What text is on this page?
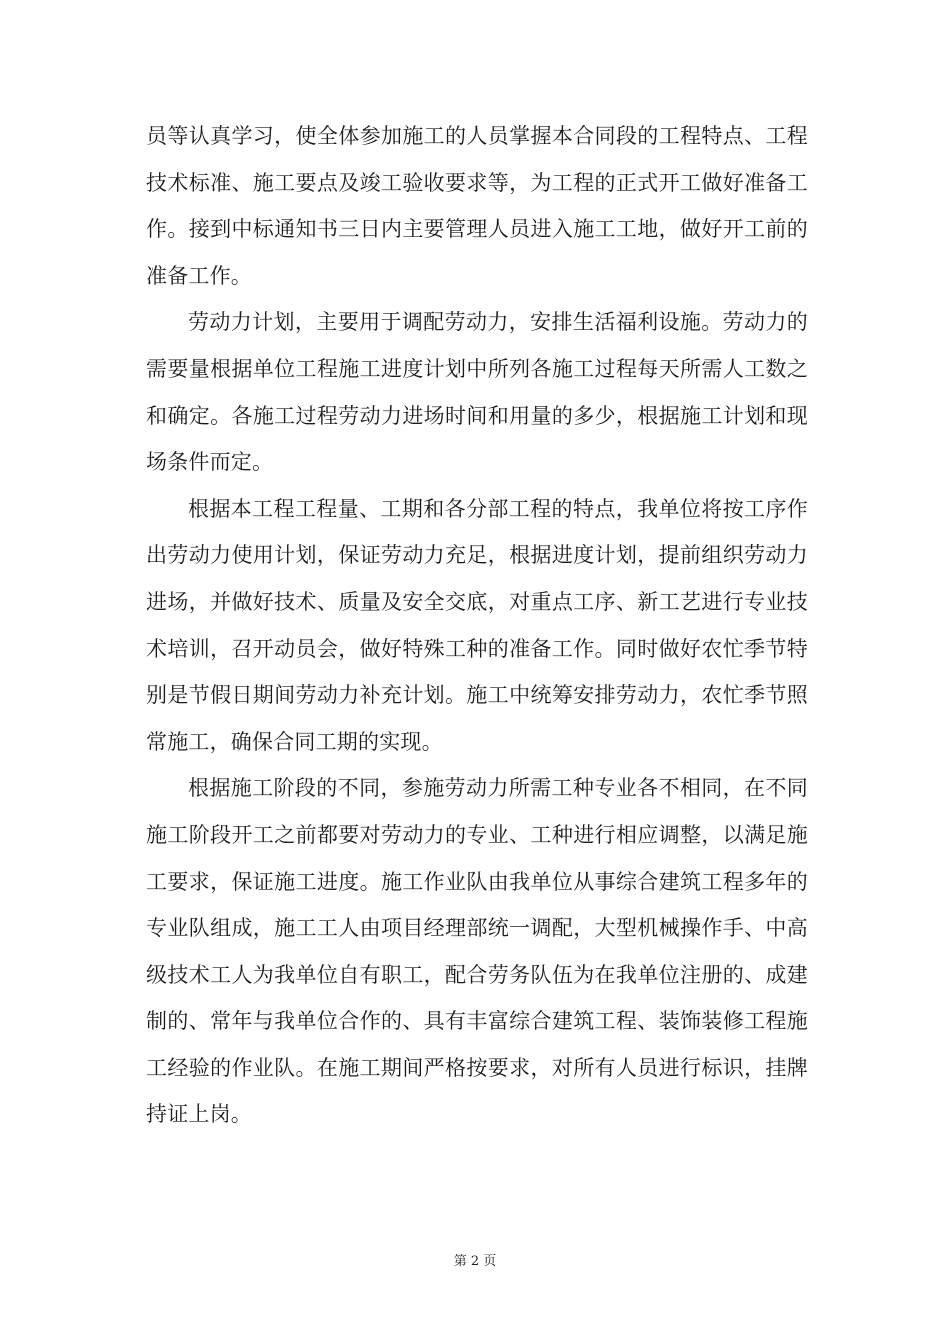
员等认真学习，使全体参加施工的人员掌握本合同段的工程特点、工程技术标准、施工要点及竣工验收要求等，为工程的正式开工做好准备工作。接到中标通知书三日内主要管理人员进入施工工地，做好开工前的准备工作。

劳动力计划，主要用于调配劳动力，安排生活福利设施。劳动力的需要量根据单位工程施工进度计划中所列各施工过程每天所需人工数之和确定。各施工过程劳动力进场时间和用量的多少，根据施工计划和现场条件而定。

根据本工程工程量、工期和各分部工程的特点，我单位将按工序作出劳动力使用计划，保证劳动力充足，根据进度计划，提前组织劳动力进场，并做好技术、质量及安全交底，对重点工序、新工艺进行专业技术培训，召开动员会，做好特殊工种的准备工作。同时做好农忙季节特别是节假日期间劳动力补充计划。施工中统筹安排劳动力，农忙季节照常施工，确保合同工期的实现。

根据施工阶段的不同，参施劳动力所需工种专业各不相同，在不同施工阶段开工之前都要对劳动力的专业、工种进行相应调整，以满足施工要求，保证施工进度。施工作业队由我单位从事综合建筑工程多年的专业队组成，施工工人由项目经理部统一调配，大型机械操作手、中高级技术工人为我单位自有职工，配合劳务队伍为在我单位注册的、成建制的、常年与我单位合作的、具有丰富综合建筑工程、装饰装修工程施工经验的作业队。在施工期间严格按要求，对所有人员进行标识，挂牌持证上岗。

第 2 页
